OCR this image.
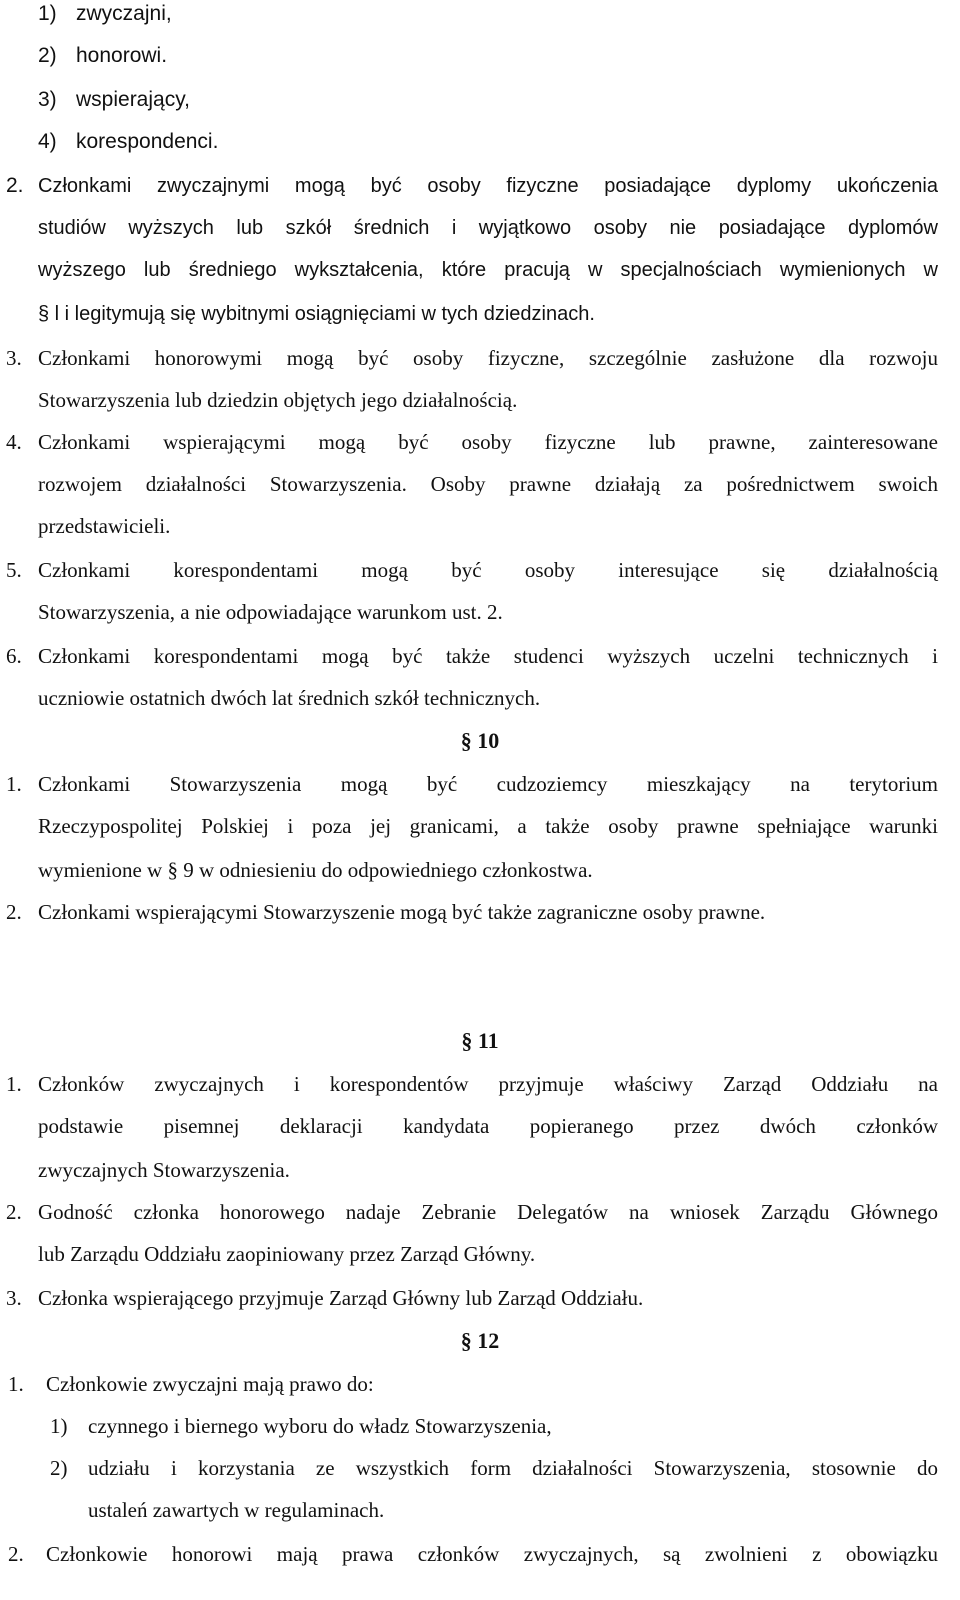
1) zwyczajni,
2) honorowi.
3) wspierający,
4) korespondenci.
2. Członkami zwyczajnymi mogą być osoby fizyczne posiadające dyplomy ukończenia
studiów wyższych lub szkół średnich i wyjątkowo osoby nie posiadające dyplomów
wyższego lub średniego wykształcenia, które pracują w specjalnościach wymienionych w
§ l i legitymują się wybitnymi osiągnięciami w tych dziedzinach.
3. Członkami honorowymi mogą być osoby fizyczne, szczególnie zasłużone dla rozwoju
Stowarzyszenia lub dziedzin objętych jego działalnością.
4. Członkami wspierającymi mogą być osoby fizyczne lub prawne, zainteresowane
rozwojem działalności Stowarzyszenia. Osoby prawne działają za pośrednictwem swoich
przedstawicieli.
5. Członkami korespondentami mogą być osoby interesujące się działalnością
Stowarzyszenia, a nie odpowiadające warunkom ust. 2.
6. Członkami korespondentami mogą być także studenci wyższych uczelni technicznych i
uczniowie ostatnich dwóch lat średnich szkół technicznych.
§ 10
1. Członkami Stowarzyszenia mogą być cudzoziemcy mieszkający na terytorium
Rzeczypospolitej Polskiej i poza jej granicami, a także osoby prawne spełniające warunki
wymienione w § 9 w odniesieniu do odpowiedniego członkostwa.
2. Członkami wspierającymi Stowarzyszenie mogą być także zagraniczne osoby prawne.
§ 11
1. Członków zwyczajnych i korespondentów przyjmuje właściwy Zarząd Oddziału na
podstawie pisemnej deklaracji kandydata popieranego przez dwóch członków
zwyczajnych Stowarzyszenia.
2. Godność członka honorowego nadaje Zebranie Delegatów na wniosek Zarządu Głównego
lub Zarządu Oddziału zaopiniowany przez Zarząd Główny.
3. Członka wspierającego przyjmuje Zarząd Główny lub Zarząd Oddziału.
§ 12
1. Członkowie zwyczajni mają prawo do:
1) czynnego i biernego wyboru do władz Stowarzyszenia,
2) udziału i korzystania ze wszystkich form działalności Stowarzyszenia, stosownie do
ustaleń zawartych w regulaminach.
2. Członkowie honorowi mają prawa członków zwyczajnych, są zwolnieni z obowiązku
